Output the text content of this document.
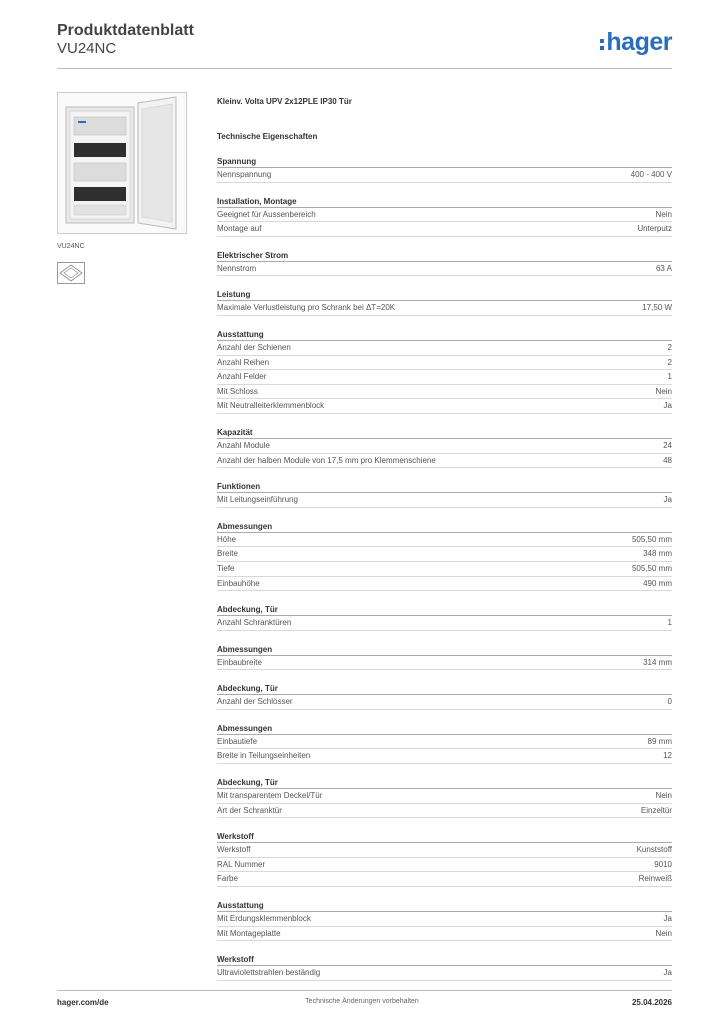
Produktdatenblatt
VU24NC	hager
VU24NC
Kleinv. Volta UPV 2x12PLE IP30 Tür
Technische Eigenschaften
Spannung
Nennspannung	400 - 400 V
Installation, Montage
Geeignet für Aussenbereich	Nein
Montage auf	Unterputz
Elektrischer Strom
Nennstrom	63 A
Leistung
Maximale Verlustleistung pro Schrank bei ΔT=20K	17,50 W
Ausstattung
Anzahl der Schienen	2
Anzahl Reihen	2
Anzahl Felder	1
Mit Schloss	Nein
Mit Neutralleiterklemmenblock	Ja
Kapazität
Anzahl Module	24
Anzahl der halben Module von 17,5 mm pro Klemmenschiene	48
Funktionen
Mit Leitungseinführung	Ja
Abmessungen
Höhe	505,50 mm
Breite	348 mm
Tiefe	505,50 mm
Einbauhöhe	490 mm
Abdeckung, Tür
Anzahl Schranktüren	1
Abmessungen
Einbaubreite	314 mm
Abdeckung, Tür
Anzahl der Schlösser	0
Abmessungen
Einbautiefe	89 mm
Breite in Teilungseinheiten	12
Abdeckung, Tür
Mit transparentem Deckel/Tür	Nein
Art der Schranktür	Einzeltür
Werkstoff
Werkstoff	Kunststoff
RAL Nummer	9010
Farbe	Reinweiß
Ausstattung
Mit Erdungsklemmenblock	Ja
Mit Montageplatte	Nein
Werkstoff
Ultraviolettstrahlen beständig	Ja
hager.com/de	Technische Änderungen vorbehalten	25.04.2026
